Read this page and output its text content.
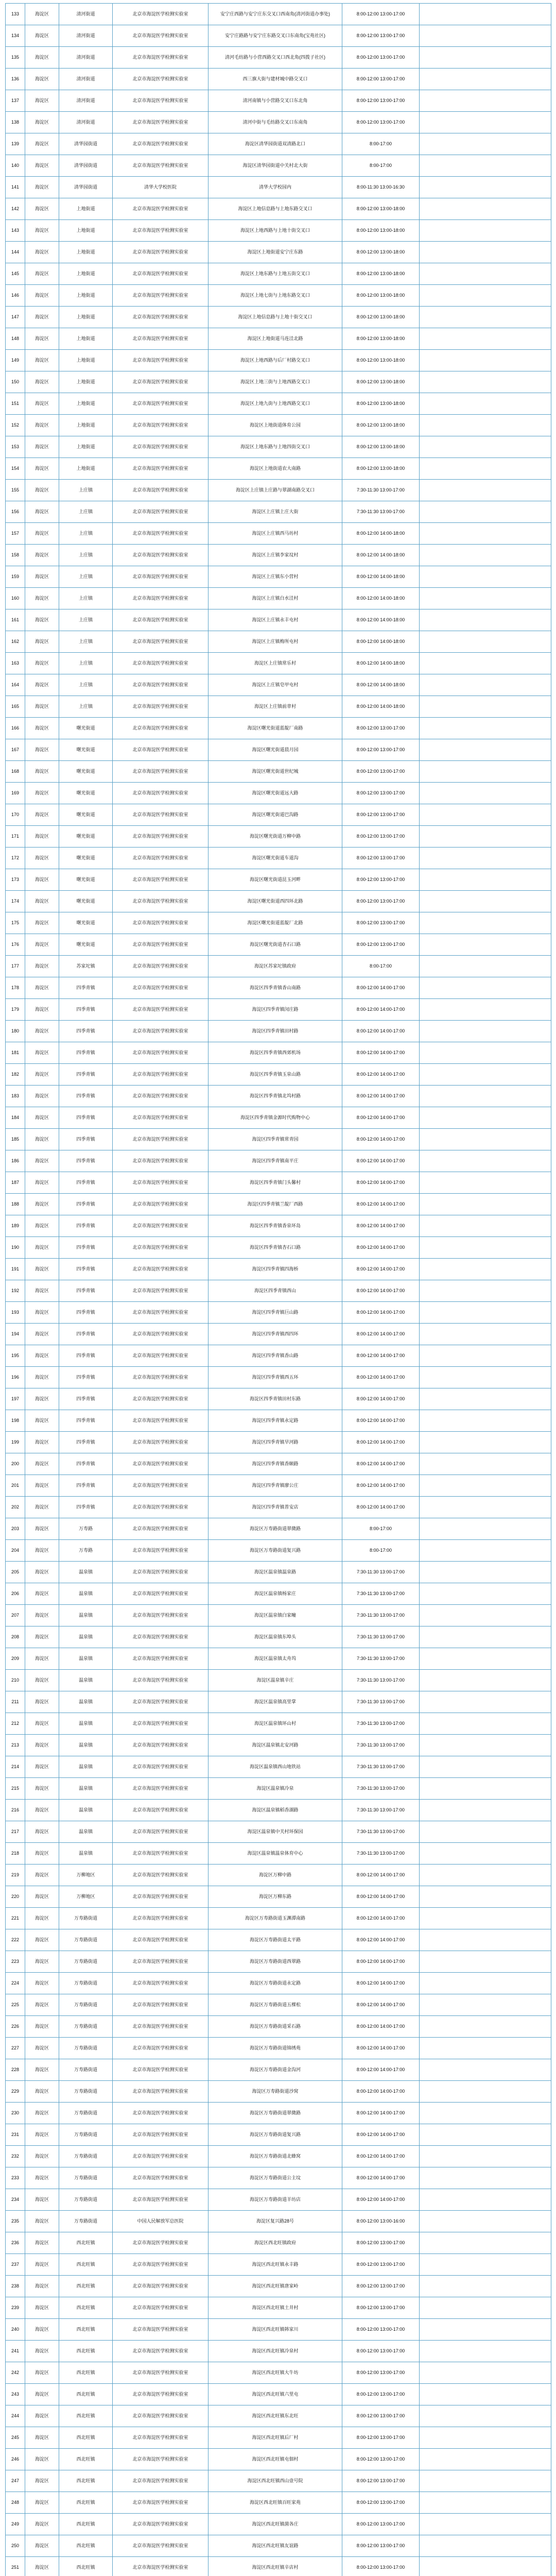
133	海淀区	清河街道	北京市海淀医学检测实验室	安宁庄西路与安宁庄东交叉口西南角(清河街道办事处)	8:00-12:00 13:00-17:00	
134	海淀区	清河街道	北京市海淀医学检测实验室	安宁庄路路与安宁庄东路交叉口东南角(宝苑社区)	8:00-12:00 13:00-17:00	
135	海淀区	清河街道	北京市海淀医学检测实验室	清河毛纺路与小营西路交叉口西北角(四拨子社区)	8:00-12:00 13:00-17:00	
136	海淀区	清河街道	北京市海淀医学检测实验室	西三旗大街与建材城中路交叉口	8:00-12:00 13:00-17:00	
137	海淀区	清河街道	北京市海淀医学检测实验室	清河南镇与小营路交叉口东北角	8:00-12:00 13:00-17:00	
138	海淀区	清河街道	北京市海淀医学检测实验室	清河中街与毛纺路交叉口东南角	8:00-12:00 13:00-17:00	
139	海淀区	清华园街道	北京市海淀医学检测实验室	海淀区清华园街道双清路北口	8:00-17:00	
140	海淀区	清华园街道	北京市海淀医学检测实验室	海淀区清华园街道中关村北大街	8:00-17:00	
141	海淀区	清华园街道	清华大学校医院	清华大学校园内	8:00-11:30 13:00-16:30	
142	海淀区	上地街道	北京市海淀医学检测实验室	海淀区上地信息路与上地东路交叉口	8:00-12:00 13:00-18:00	
143	海淀区	上地街道	北京市海淀医学检测实验室	海淀区上地西路与上地十街交叉口	8:00-12:00 13:00-18:00	
144	海淀区	上地街道	北京市海淀医学检测实验室	海淀区上地街道安宁庄东路	8:00-12:00 13:00-18:00	
145	海淀区	上地街道	北京市海淀医学检测实验室	海淀区上地东路与上地五街交叉口	8:00-12:00 13:00-18:00	
146	海淀区	上地街道	北京市海淀医学检测实验室	海淀区上地七街与上地东路交叉口	8:00-12:00 13:00-18:00	
147	海淀区	上地街道	北京市海淀医学检测实验室	海淀区上地信息路与上地十街交叉口	8:00-12:00 13:00-18:00	
148	海淀区	上地街道	北京市海淀医学检测实验室	海淀区上地街道马连洼北路	8:00-12:00 13:00-18:00	
149	海淀区	上地街道	北京市海淀医学检测实验室	海淀区上地西路与后厂村路交叉口	8:00-12:00 13:00-18:00	
150	海淀区	上地街道	北京市海淀医学检测实验室	海淀区上地三街与上地西路交叉口	8:00-12:00 13:00-18:00	
151	海淀区	上地街道	北京市海淀医学检测实验室	海淀区上地九街与上地西路交叉口	8:00-12:00 13:00-18:00	
152	海淀区	上地街道	北京市海淀医学检测实验室	海淀区上地街道体育公园	8:00-12:00 13:00-18:00	
153	海淀区	上地街道	北京市海淀医学检测实验室	海淀区上地东路与上地四街交叉口	8:00-12:00 13:00-18:00	
154	海淀区	上地街道	北京市海淀医学检测实验室	海淀区上地街道农大南路	8:00-12:00 13:00-18:00	
155	海淀区	上庄镇	北京市海淀医学检测实验室	海淀区上庄镇上庄路与翠湖南路交叉口	7:30-11:30 13:00-17:00	
156	海淀区	上庄镇	北京市海淀医学检测实验室	海淀区上庄镇上庄大街	7:30-11:30 13:00-17:00	
157	海淀区	上庄镇	北京市海淀医学检测实验室	海淀区上庄镇西马坊村	8:00-12:00 14:00-18:00	
158	海淀区	上庄镇	北京市海淀医学检测实验室	海淀区上庄镇李家坟村	8:00-12:00 14:00-18:00	
159	海淀区	上庄镇	北京市海淀医学检测实验室	海淀区上庄镇东小营村	8:00-12:00 14:00-18:00	
160	海淀区	上庄镇	北京市海淀医学检测实验室	海淀区上庄镇白水洼村	8:00-12:00 14:00-18:00	
161	海淀区	上庄镇	北京市海淀医学检测实验室	海淀区上庄镇永丰屯村	8:00-12:00 14:00-18:00	
162	海淀区	上庄镇	北京市海淀医学检测实验室	海淀区上庄镇梅所屯村	8:00-12:00 14:00-18:00	
163	海淀区	上庄镇	北京市海淀医学检测实验室	海淀区上庄镇常乐村	8:00-12:00 14:00-18:00	
164	海淀区	上庄镇	北京市海淀医学检测实验室	海淀区上庄镇皂甲屯村	8:00-12:00 14:00-18:00	
165	海淀区	上庄镇	北京市海淀医学检测实验室	海淀区上庄镇前章村	8:00-12:00 14:00-18:00	
166	海淀区	曙光街道	北京市海淀医学检测实验室	海淀区曙光街道蓝靛厂南路	8:00-12:00 13:00-17:00	
167	海淀区	曙光街道	北京市海淀医学检测实验室	海淀区曙光街道晨月园	8:00-12:00 13:00-17:00	
168	海淀区	曙光街道	北京市海淀医学检测实验室	海淀区曙光街道世纪城	8:00-12:00 13:00-17:00	
169	海淀区	曙光街道	北京市海淀医学检测实验室	海淀区曙光街道远大路	8:00-12:00 13:00-17:00	
170	海淀区	曙光街道	北京市海淀医学检测实验室	海淀区曙光街道巴沟路	8:00-12:00 13:00-17:00	
171	海淀区	曙光街道	北京市海淀医学检测实验室	海淀区曙光街道万柳中路	8:00-12:00 13:00-17:00	
172	海淀区	曙光街道	北京市海淀医学检测实验室	海淀区曙光街道车道沟	8:00-12:00 13:00-17:00	
173	海淀区	曙光街道	北京市海淀医学检测实验室	海淀区曙光街道昆玉河畔	8:00-12:00 13:00-17:00	
174	海淀区	曙光街道	北京市海淀医学检测实验室	海淀区曙光街道西四环北路	8:00-12:00 13:00-17:00	
175	海淀区	曙光街道	北京市海淀医学检测实验室	海淀区曙光街道蓝靛厂北路	8:00-12:00 13:00-17:00	
176	海淀区	曙光街道	北京市海淀医学检测实验室	海淀区曙光街道杏石口路	8:00-12:00 13:00-17:00	
177	海淀区	苏家坨镇	北京市海淀医学检测实验室	海淀区苏家坨镇政府	8:00-17:00	
178	海淀区	四季青镇	北京市海淀医学检测实验室	海淀区四季青镇香山南路	8:00-12:00 14:00-17:00	
179	海淀区	四季青镇	北京市海淀医学检测实验室	海淀区四季青镇闵庄路	8:00-12:00 14:00-17:00	
180	海淀区	四季青镇	北京市海淀医学检测实验室	海淀区四季青镇田村路	8:00-12:00 14:00-17:00	
181	海淀区	四季青镇	北京市海淀医学检测实验室	海淀区四季青镇西郊机场	8:00-12:00 14:00-17:00	
182	海淀区	四季青镇	北京市海淀医学检测实验室	海淀区四季青镇玉泉山路	8:00-12:00 14:00-17:00	
183	海淀区	四季青镇	北京市海淀医学检测实验室	海淀区四季青镇北坞村路	8:00-12:00 14:00-17:00	
184	海淀区	四季青镇	北京市海淀医学检测实验室	海淀区四季青镇金源时代购物中心	8:00-12:00 14:00-17:00	
185	海淀区	四季青镇	北京市海淀医学检测实验室	海淀区四季青镇常青园	8:00-12:00 14:00-17:00	
186	海淀区	四季青镇	北京市海淀医学检测实验室	海淀区四季青镇南平庄	8:00-12:00 14:00-17:00	
187	海淀区	四季青镇	北京市海淀医学检测实验室	海淀区四季青镇门头馨村	8:00-12:00 14:00-17:00	
188	海淀区	四季青镇	北京市海淀医学检测实验室	海淀区四季青镇兰靛厂西路	8:00-12:00 14:00-17:00	
189	海淀区	四季青镇	北京市海淀医学检测实验室	海淀区四季青镇香泉环岛	8:00-12:00 14:00-17:00	
190	海淀区	四季青镇	北京市海淀医学检测实验室	海淀区四季青镇杏石口路	8:00-12:00 14:00-17:00	
191	海淀区	四季青镇	北京市海淀医学检测实验室	海淀区四季青镇四海桥	8:00-12:00 14:00-17:00	
192	海淀区	四季青镇	北京市海淀医学检测实验室	海淀区四季青镇西山	8:00-12:00 14:00-17:00	
193	海淀区	四季青镇	北京市海淀医学检测实验室	海淀区四季青镇巨山路	8:00-12:00 14:00-17:00	
194	海淀区	四季青镇	北京市海淀医学检测实验室	海淀区四季青镇西四环	8:00-12:00 14:00-17:00	
195	海淀区	四季青镇	北京市海淀医学检测实验室	海淀区四季青镇香山路	8:00-12:00 14:00-17:00	
196	海淀区	四季青镇	北京市海淀医学检测实验室	海淀区四季青镇西五环	8:00-12:00 14:00-17:00	
197	海淀区	四季青镇	北京市海淀医学检测实验室	海淀区四季青镇田村东路	8:00-12:00 14:00-17:00	
198	海淀区	四季青镇	北京市海淀医学检测实验室	海淀区四季青镇永定路	8:00-12:00 14:00-17:00	
199	海淀区	四季青镇	北京市海淀医学检测实验室	海淀区四季青镇旱河路	8:00-12:00 14:00-17:00	
200	海淀区	四季青镇	北京市海淀医学检测实验室	海淀区四季青镇香颐路	8:00-12:00 14:00-17:00	
201	海淀区	四季青镇	北京市海淀医学检测实验室	海淀区四季青镇廖公庄	8:00-12:00 14:00-17:00	
202	海淀区	四季青镇	北京市海淀医学检测实验室	海淀区四季青镇普安店	8:00-12:00 14:00-17:00	
203	海淀区	万寿路	北京市海淀医学检测实验室	海淀区万寿路街道翠微路	8:00-17:00	
204	海淀区	万寿路	北京市海淀医学检测实验室	海淀区万寿路街道复兴路	8:00-17:00	
205	海淀区	温泉镇	北京市海淀医学检测实验室	海淀区温泉镇温泉路	7:30-11:30 13:00-17:00	
206	海淀区	温泉镇	北京市海淀医学检测实验室	海淀区温泉镇杨家庄	7:30-11:30 13:00-17:00	
207	海淀区	温泉镇	北京市海淀医学检测实验室	海淀区温泉镇白家疃	7:30-11:30 13:00-17:00	
208	海淀区	温泉镇	北京市海淀医学检测实验室	海淀区温泉镇东埠头	7:30-11:30 13:00-17:00	
209	海淀区	温泉镇	北京市海淀医学检测实验室	海淀区温泉镇太舟坞	7:30-11:30 13:00-17:00	
210	海淀区	温泉镇	北京市海淀医学检测实验室	海淀区温泉镇辛庄	7:30-11:30 13:00-17:00	
211	海淀区	温泉镇	北京市海淀医学检测实验室	海淀区温泉镇高里掌	7:30-11:30 13:00-17:00	
212	海淀区	温泉镇	北京市海淀医学检测实验室	海淀区温泉镇环山村	7:30-11:30 13:00-17:00	
213	海淀区	温泉镇	北京市海淀医学检测实验室	海淀区温泉镇北安河路	7:30-11:30 13:00-17:00	
214	海淀区	温泉镇	北京市海淀医学检测实验室	海淀区温泉镇西山地铁站	7:30-11:30 13:00-17:00	
215	海淀区	温泉镇	北京市海淀医学检测实验室	海淀区温泉镇冷泉	7:30-11:30 13:00-17:00	
216	海淀区	温泉镇	北京市海淀医学检测实验室	海淀区温泉镇稻香湖路	7:30-11:30 13:00-17:00	
217	海淀区	温泉镇	北京市海淀医学检测实验室	海淀区温泉镇中关村环保园	7:30-11:30 13:00-17:00	
218	海淀区	温泉镇	北京市海淀医学检测实验室	海淀区温泉镇温泉体育中心	7:30-11:30 13:00-17:00	
219	海淀区	万柳地区	北京市海淀医学检测实验室	海淀区万柳中路	8:00-12:00 14:00-17:00	
220	海淀区	万柳地区	北京市海淀医学检测实验室	海淀区万柳东路	8:00-12:00 14:00-17:00	
221	海淀区	万寿路街道	北京市海淀医学检测实验室	海淀区万寿路街道玉渊潭南路	8:00-12:00 14:00-17:00	
222	海淀区	万寿路街道	北京市海淀医学检测实验室	海淀区万寿路街道太平路	8:00-12:00 14:00-17:00	
223	海淀区	万寿路街道	北京市海淀医学检测实验室	海淀区万寿路街道西翠路	8:00-12:00 14:00-17:00	
224	海淀区	万寿路街道	北京市海淀医学检测实验室	海淀区万寿路街道永定路	8:00-12:00 14:00-17:00	
225	海淀区	万寿路街道	北京市海淀医学检测实验室	海淀区万寿路街道五棵松	8:00-12:00 14:00-17:00	
226	海淀区	万寿路街道	北京市海淀医学检测实验室	海淀区万寿路街道采石路	8:00-12:00 14:00-17:00	
227	海淀区	万寿路街道	北京市海淀医学检测实验室	海淀区万寿路街道锦绣苑	8:00-12:00 14:00-17:00	
228	海淀区	万寿路街道	北京市海淀医学检测实验室	海淀区万寿路街道金沟河	8:00-12:00 14:00-17:00	
229	海淀区	万寿路街道	北京市海淀医学检测实验室	海淀区万寿路街道沙窝	8:00-12:00 14:00-17:00	
230	海淀区	万寿路街道	北京市海淀医学检测实验室	海淀区万寿路街道翠微路	8:00-12:00 14:00-17:00	
231	海淀区	万寿路街道	北京市海淀医学检测实验室	海淀区万寿路街道复兴路	8:00-12:00 14:00-17:00	
232	海淀区	万寿路街道	北京市海淀医学检测实验室	海淀区万寿路街道北蜂窝	8:00-12:00 14:00-17:00	
233	海淀区	万寿路街道	北京市海淀医学检测实验室	海淀区万寿路街道公主坟	8:00-12:00 14:00-17:00	
234	海淀区	万寿路街道	北京市海淀医学检测实验室	海淀区万寿路街道羊坊店	8:00-12:00 14:00-17:00	
235	海淀区	万寿路街道	中国人民解放军总医院	海淀区复兴路28号	8:00-12:00 13:00-16:00	
236	海淀区	西北旺镇	北京市海淀医学检测实验室	海淀区西北旺镇政府	8:00-12:00 13:00-17:00	
237	海淀区	西北旺镇	北京市海淀医学检测实验室	海淀区西北旺镇永丰路	8:00-12:00 13:00-17:00	
238	海淀区	西北旺镇	北京市海淀医学检测实验室	海淀区西北旺镇唐家岭	8:00-12:00 13:00-17:00	
239	海淀区	西北旺镇	北京市海淀医学检测实验室	海淀区西北旺镇土井村	8:00-12:00 13:00-17:00	
240	海淀区	西北旺镇	北京市海淀医学检测实验室	海淀区西北旺镇韩家川	8:00-12:00 13:00-17:00	
241	海淀区	西北旺镇	北京市海淀医学检测实验室	海淀区西北旺镇冷泉村	8:00-12:00 13:00-17:00	
242	海淀区	西北旺镇	北京市海淀医学检测实验室	海淀区西北旺镇大牛坊	8:00-12:00 13:00-17:00	
243	海淀区	西北旺镇	北京市海淀医学检测实验室	海淀区西北旺镇六里屯	8:00-12:00 13:00-17:00	
244	海淀区	西北旺镇	北京市海淀医学检测实验室	海淀区西北旺镇东北旺	8:00-12:00 13:00-17:00	
245	海淀区	西北旺镇	北京市海淀医学检测实验室	海淀区西北旺镇后厂村	8:00-12:00 13:00-17:00	
246	海淀区	西北旺镇	北京市海淀医学检测实验室	海淀区西北旺镇屯佃村	8:00-12:00 13:00-17:00	
247	海淀区	西北旺镇	北京市海淀医学检测实验室	海淀区西北旺镇西山壹号院	8:00-12:00 13:00-17:00	
248	海淀区	西北旺镇	北京市海淀医学检测实验室	海淀区西北旺镇百旺家苑	8:00-12:00 13:00-17:00	
249	海淀区	西北旺镇	北京市海淀医学检测实验室	海淀区西北旺镇菌各庄	8:00-12:00 13:00-17:00	
250	海淀区	西北旺镇	北京市海淀医学检测实验室	海淀区西北旺镇友谊路	8:00-12:00 13:00-17:00	
251	海淀区	西北旺镇	北京市海淀医学检测实验室	海淀区西北旺镇辛店村	8:00-12:00 13:00-17:00	
